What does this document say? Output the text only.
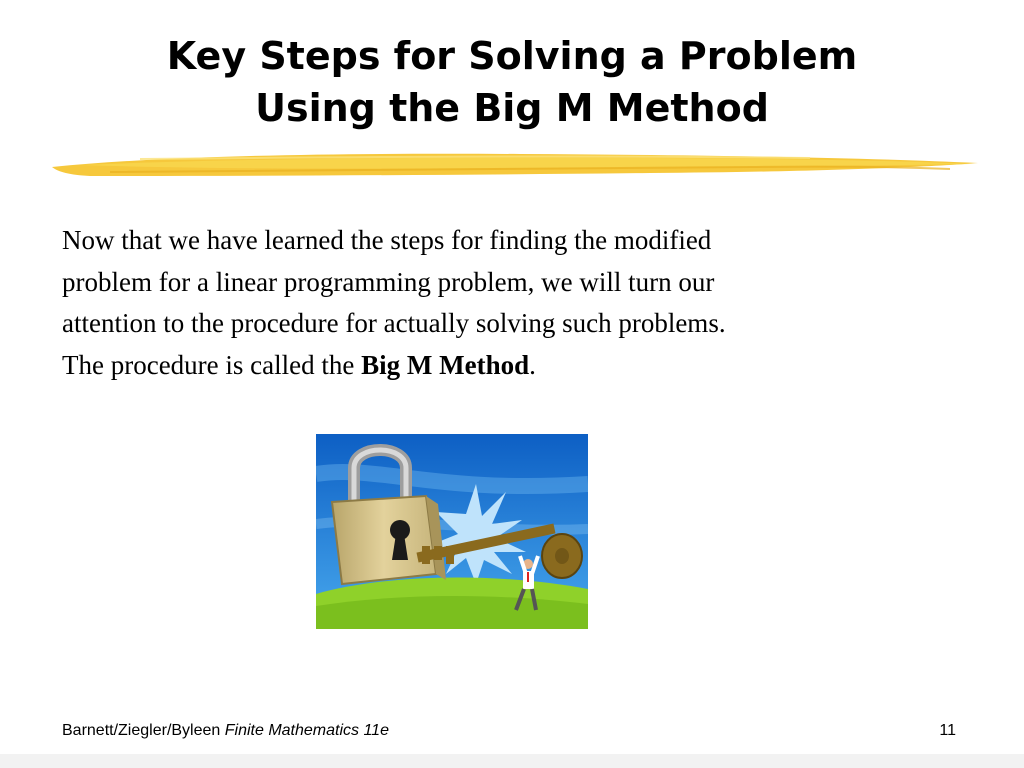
Key Steps for Solving a Problem
Using the Big M Method
Now that we have learned the steps for finding the modified
problem for a linear programming problem, we will turn our
attention to the procedure for actually solving such problems.
The procedure is called the Big M Method.
Barnett/Ziegler/Byleen Finite Mathematics 11e	11
